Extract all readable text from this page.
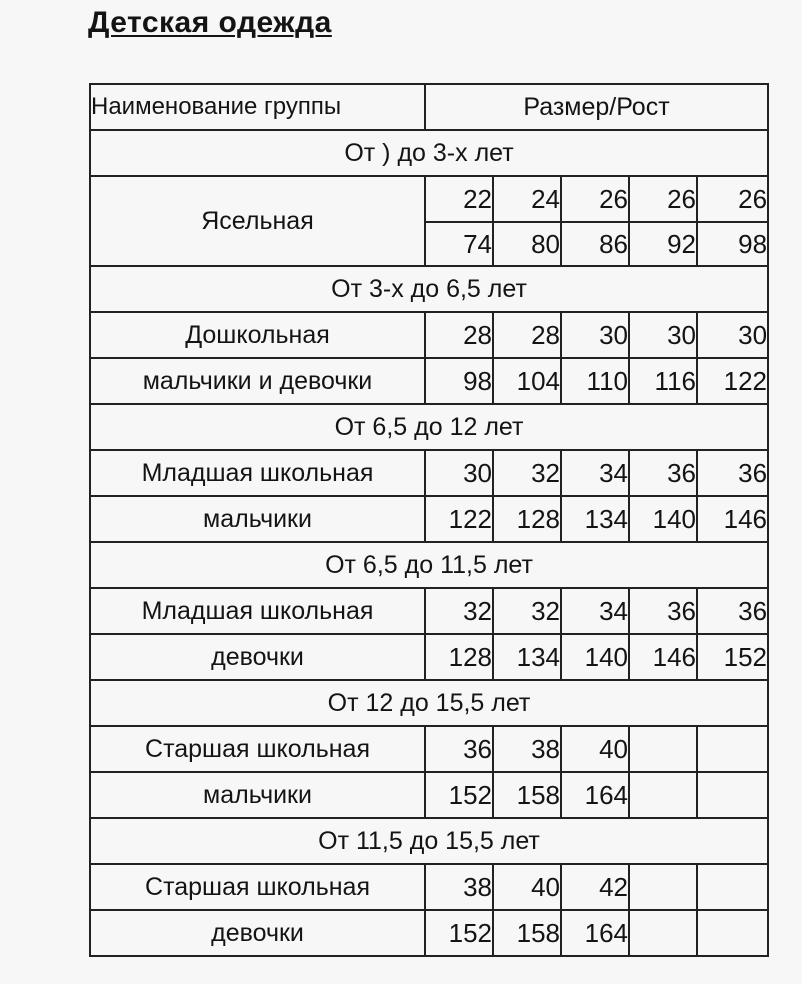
Детская одежда
Наименование группы	Размер/Рост				
От ) до 3-х лет					
Ясельная	22	24	26	26	26
	74	80	86	92	98
От 3-х до 6,5 лет					
Дошкольная	28	28	30	30	30
мальчики и девочки	98	104	110	116	122
От 6,5 до 12 лет					
Младшая школьная	30	32	34	36	36
мальчики	122	128	134	140	146
От 6,5 до 11,5 лет					
Младшая школьная	32	32	34	36	36
девочки	128	134	140	146	152
От 12 до 15,5 лет					
Старшая школьная	36	38	40		
мальчики	152	158	164		
От 11,5 до 15,5 лет					
Старшая школьная	38	40	42		
девочки	152	158	164		
